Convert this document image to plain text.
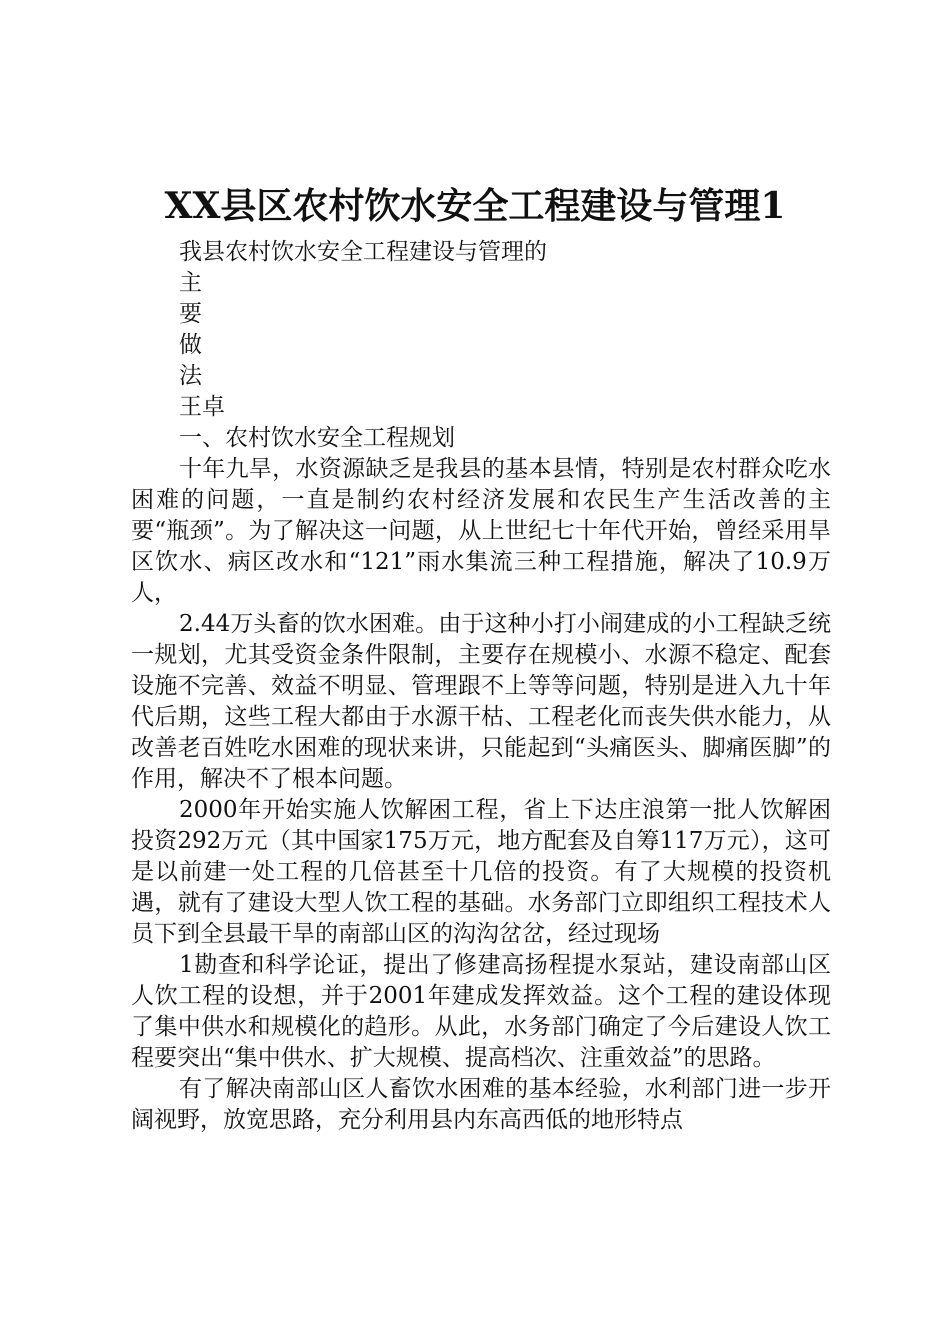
XX县区农村饮水安全工程建设与管理1
我县农村饮水安全工程建设与管理的
主
要
做
法
王卓
一、农村饮水安全工程规划

十年九旱，水资源缺乏是我县的基本县情，特别是农村群众吃水困难的问题，一直是制约农村经济发展和农民生产生活改善的主要“瓶颈”。为了解决这一问题，从上世纪七十年代开始，曾经采用旱区饮水、病区改水和“121”雨水集流三种工程措施，解决了10.9万人，

2.44万头畜的饮水困难。由于这种小打小闹建成的小工程缺乏统一规划，尤其受资金条件限制，主要存在规模小、水源不稳定、配套设施不完善、效益不明显、管理跟不上等等问题，特别是进入九十年代后期，这些工程大都由于水源干枯、工程老化而丧失供水能力，从改善老百姓吃水困难的现状来讲，只能起到“头痛医头、脚痛医脚”的作用，解决不了根本问题。

2000年开始实施人饮解困工程，省上下达庄浪第一批人饮解困投资292万元（其中国家175万元，地方配套及自筹117万元），这可是以前建一处工程的几倍甚至十几倍的投资。有了大规模的投资机遇，就有了建设大型人饮工程的基础。水务部门立即组织工程技术人员下到全县最干旱的南部山区的沟沟岔岔，经过现场

1勘查和科学论证，提出了修建高扬程提水泵站，建设南部山区人饮工程的设想，并于2001年建成发挥效益。这个工程的建设体现了集中供水和规模化的趋形。从此，水务部门确定了今后建设人饮工程要突出“集中供水、扩大规模、提高档次、注重效益”的思路。

有了解决南部山区人畜饮水困难的基本经验，水利部门进一步开阔视野，放宽思路，充分利用县内东高西低的地形特点
